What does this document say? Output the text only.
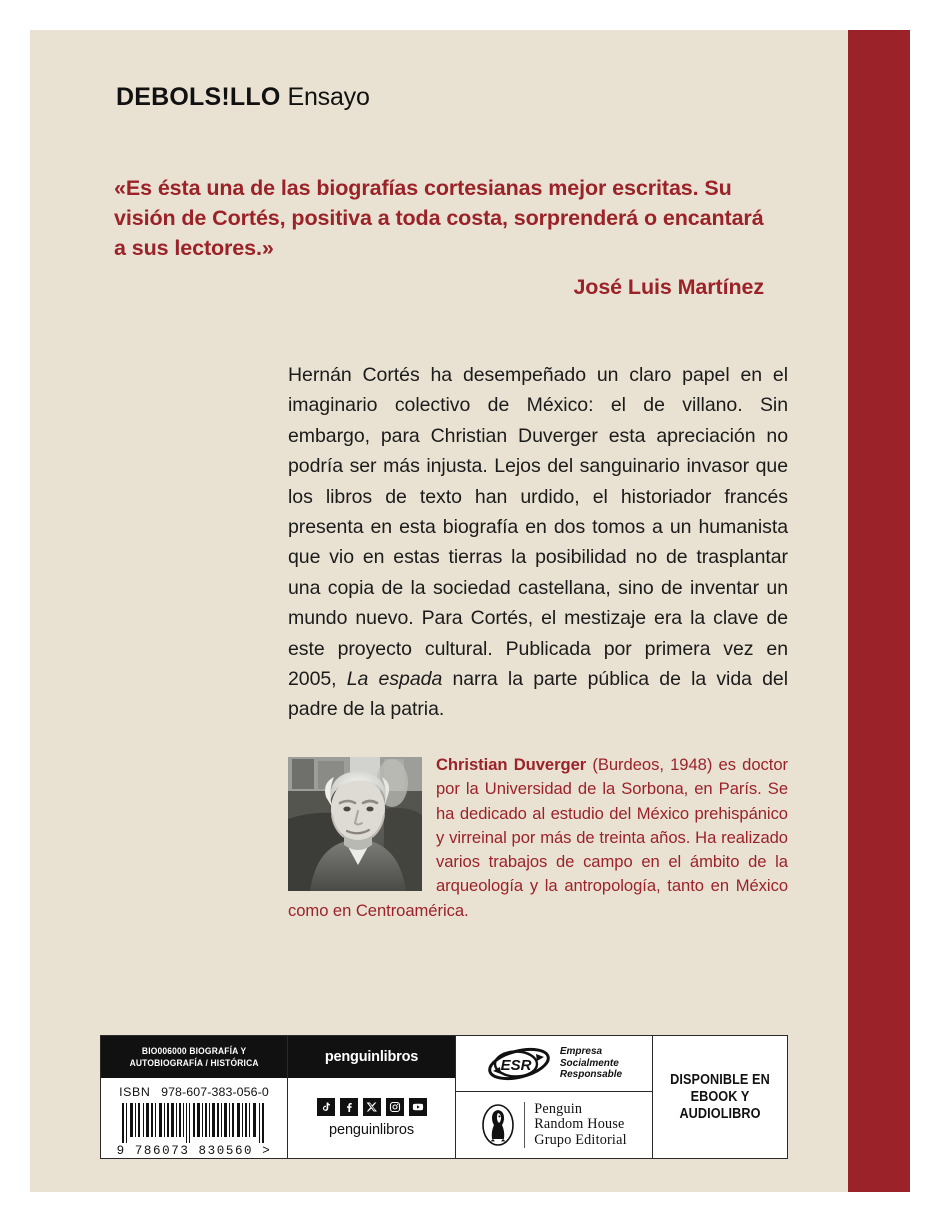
DEBOLS!LLO Ensayo
«Es ésta una de las biografías cortesianas mejor escritas. Su visión de Cortés, positiva a toda costa, sorprenderá o encantará a sus lectores.»
José Luis Martínez
Hernán Cortés ha desempeñado un claro papel en el imaginario colectivo de México: el de villano. Sin embargo, para Christian Duverger esta apreciación no podría ser más injusta. Lejos del sanguinario invasor que los libros de texto han urdido, el historiador francés presenta en esta biografía en dos tomos a un humanista que vio en estas tierras la posibilidad no de trasplantar una copia de la sociedad castellana, sino de inventar un mundo nuevo. Para Cortés, el mestizaje era la clave de este proyecto cultural. Publicada por primera vez en 2005, La espada narra la parte pública de la vida del padre de la patria.
Christian Duverger (Burdeos, 1948) es doctor por la Universidad de la Sorbona, en París. Se ha dedicado al estudio del México prehispánico y virreinal por más de treinta años. Ha realizado varios trabajos de campo en el ámbito de la arqueología y la antropología, tanto en México como en Centroamérica.
BIO006000 BIOGRAFÍA Y
AUTOBIOGRAFÍA / HISTÓRICA
ISBN 978-607-383-056-0
9 786073 830560 >
penguinlibros
penguinlibros
ESR
Empresa
Socialmente
Responsable
Penguin
Random House
Grupo Editorial
DISPONIBLE EN
EBOOK Y AUDIOLIBRO
